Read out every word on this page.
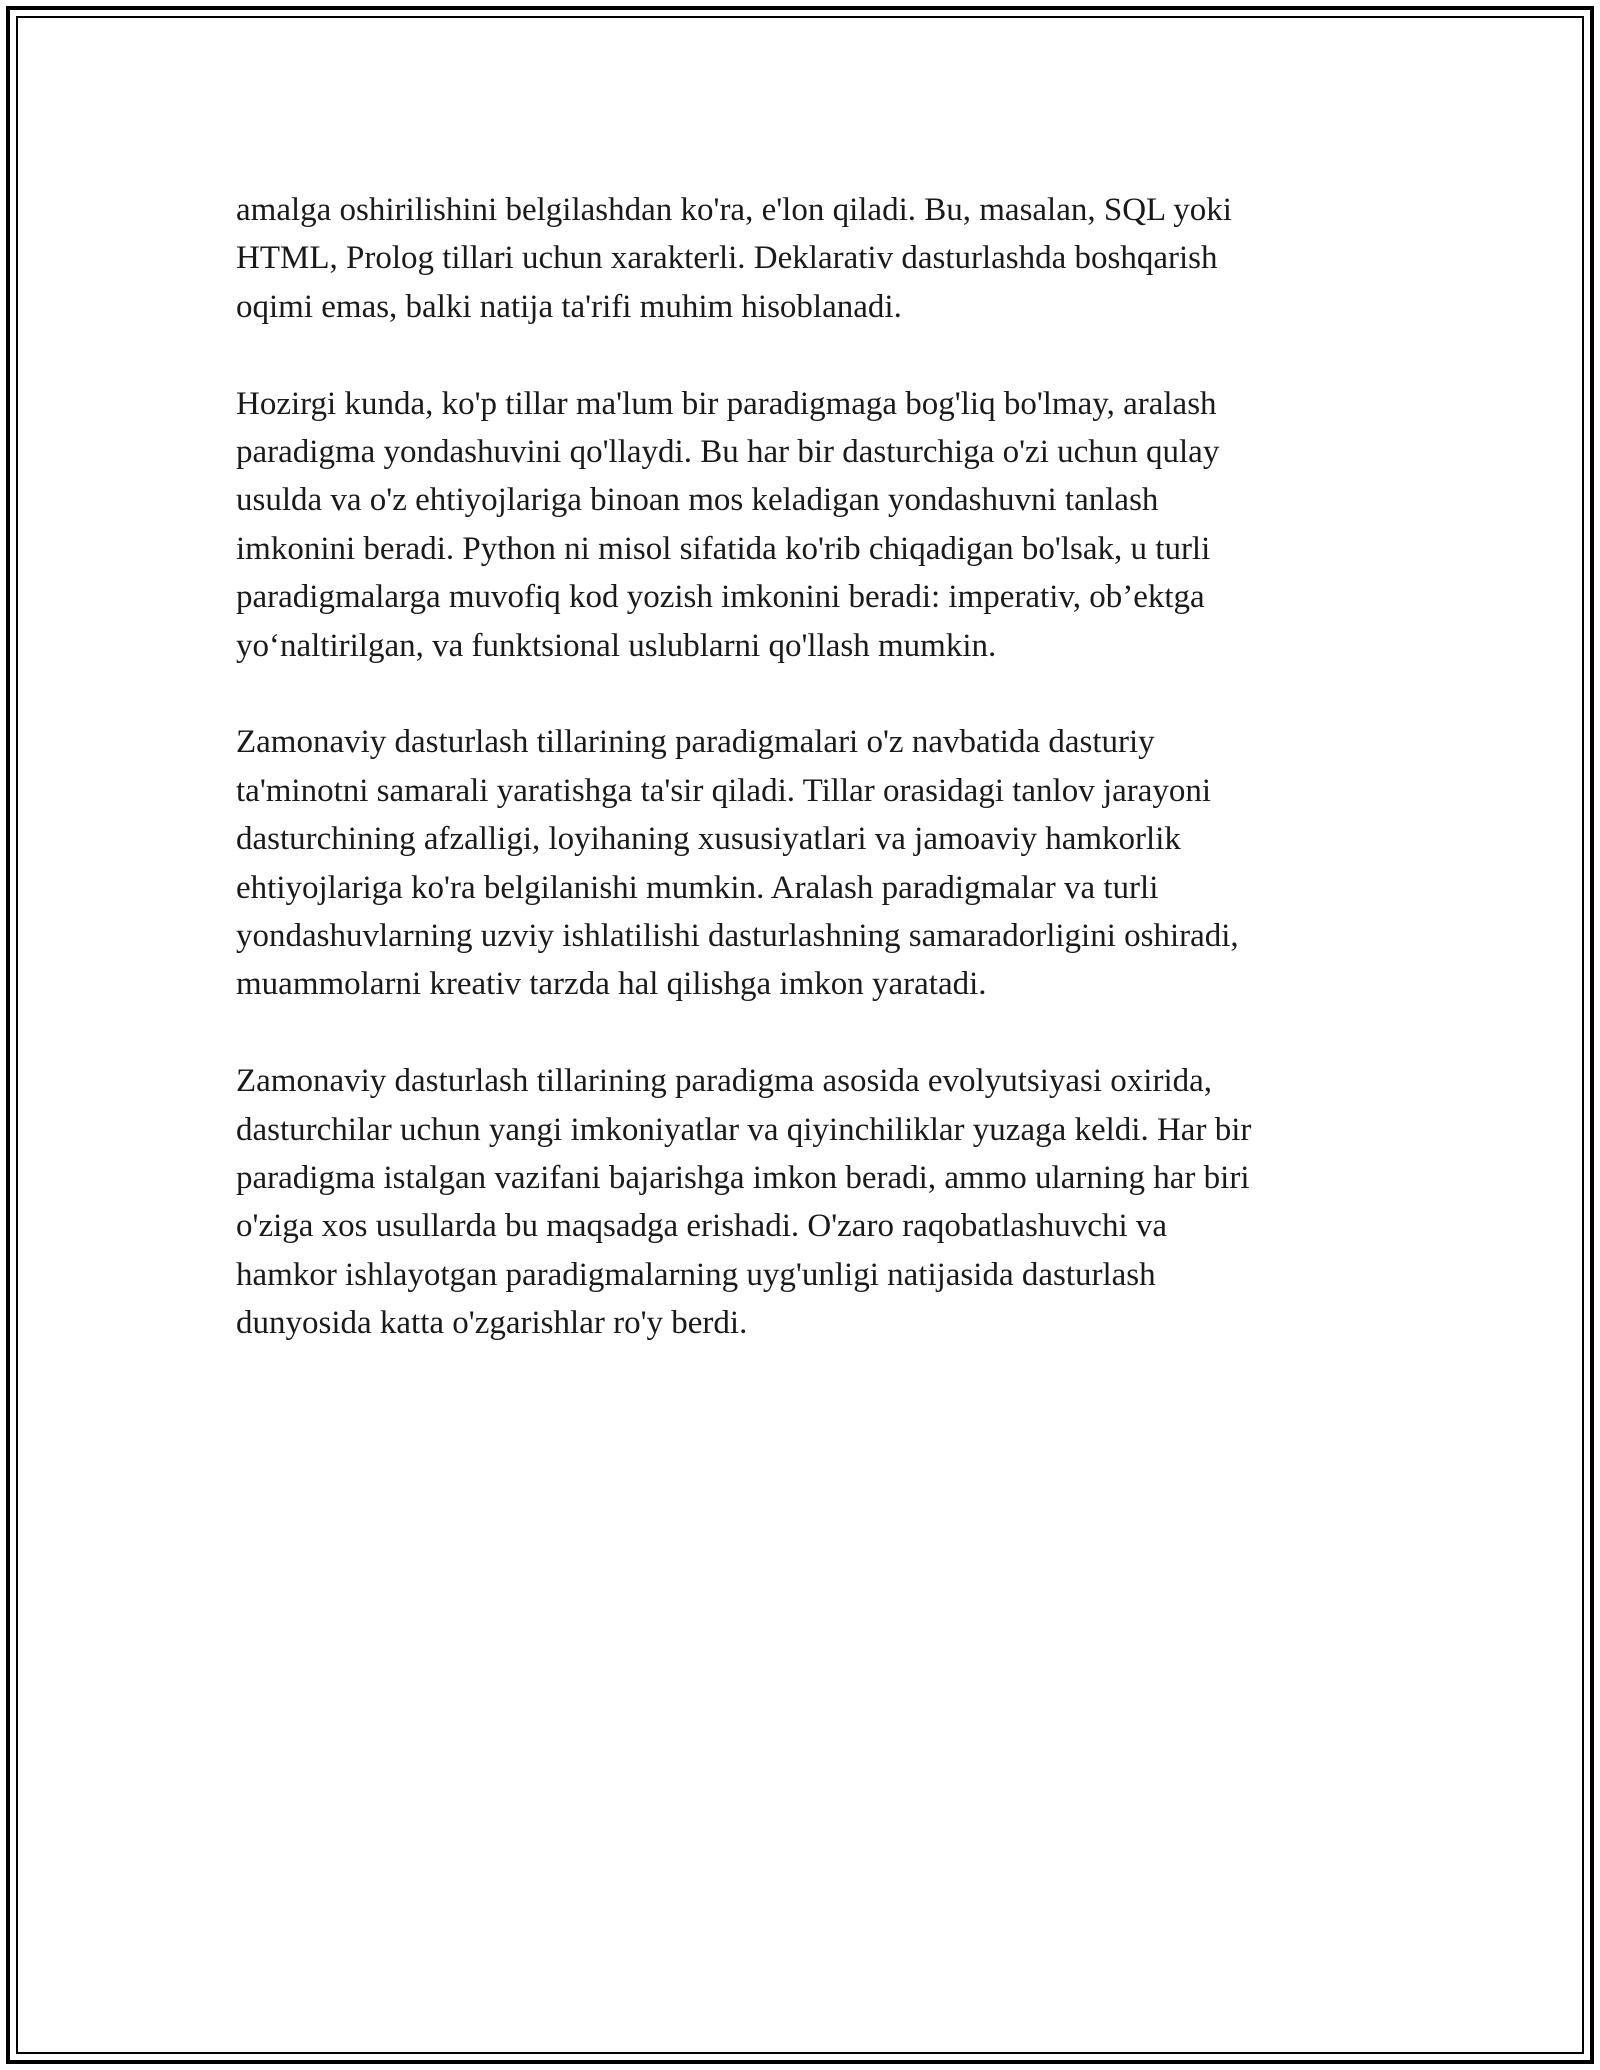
amalga oshirilishini belgilashdan ko'ra, e'lon qiladi. Bu, masalan, SQL yoki
HTML, Prolog tillari uchun xarakterli. Deklarativ dasturlashda boshqarish
oqimi emas, balki natija ta'rifi muhim hisoblanadi.

Hozirgi kunda, ko'p tillar ma'lum bir paradigmaga bog'liq bo'lmay, aralash
paradigma yondashuvini qo'llaydi. Bu har bir dasturchiga o'zi uchun qulay
usulda va o'z ehtiyojlariga binoan mos keladigan yondashuvni tanlash
imkonini beradi. Python ni misol sifatida ko'rib chiqadigan bo'lsak, u turli
paradigmalarga muvofiq kod yozish imkonini beradi: imperativ, ob’ektga
yo‘naltirilgan, va funktsional uslublarni qo'llash mumkin.

Zamonaviy dasturlash tillarining paradigmalari o'z navbatida dasturiy
ta'minotni samarali yaratishga ta'sir qiladi. Tillar orasidagi tanlov jarayoni
dasturchining afzalligi, loyihaning xususiyatlari va jamoaviy hamkorlik
ehtiyojlariga ko'ra belgilanishi mumkin. Aralash paradigmalar va turli
yondashuvlarning uzviy ishlatilishi dasturlashning samaradorligini oshiradi,
muammolarni kreativ tarzda hal qilishga imkon yaratadi.

Zamonaviy dasturlash tillarining paradigma asosida evolyutsiyasi oxirida,
dasturchilar uchun yangi imkoniyatlar va qiyinchiliklar yuzaga keldi. Har bir
paradigma istalgan vazifani bajarishga imkon beradi, ammo ularning har biri
o'ziga xos usullarda bu maqsadga erishadi. O'zaro raqobatlashuvchi va
hamkor ishlayotgan paradigmalarning uyg'unligi natijasida dasturlash
dunyosida katta o'zgarishlar ro'y berdi.
